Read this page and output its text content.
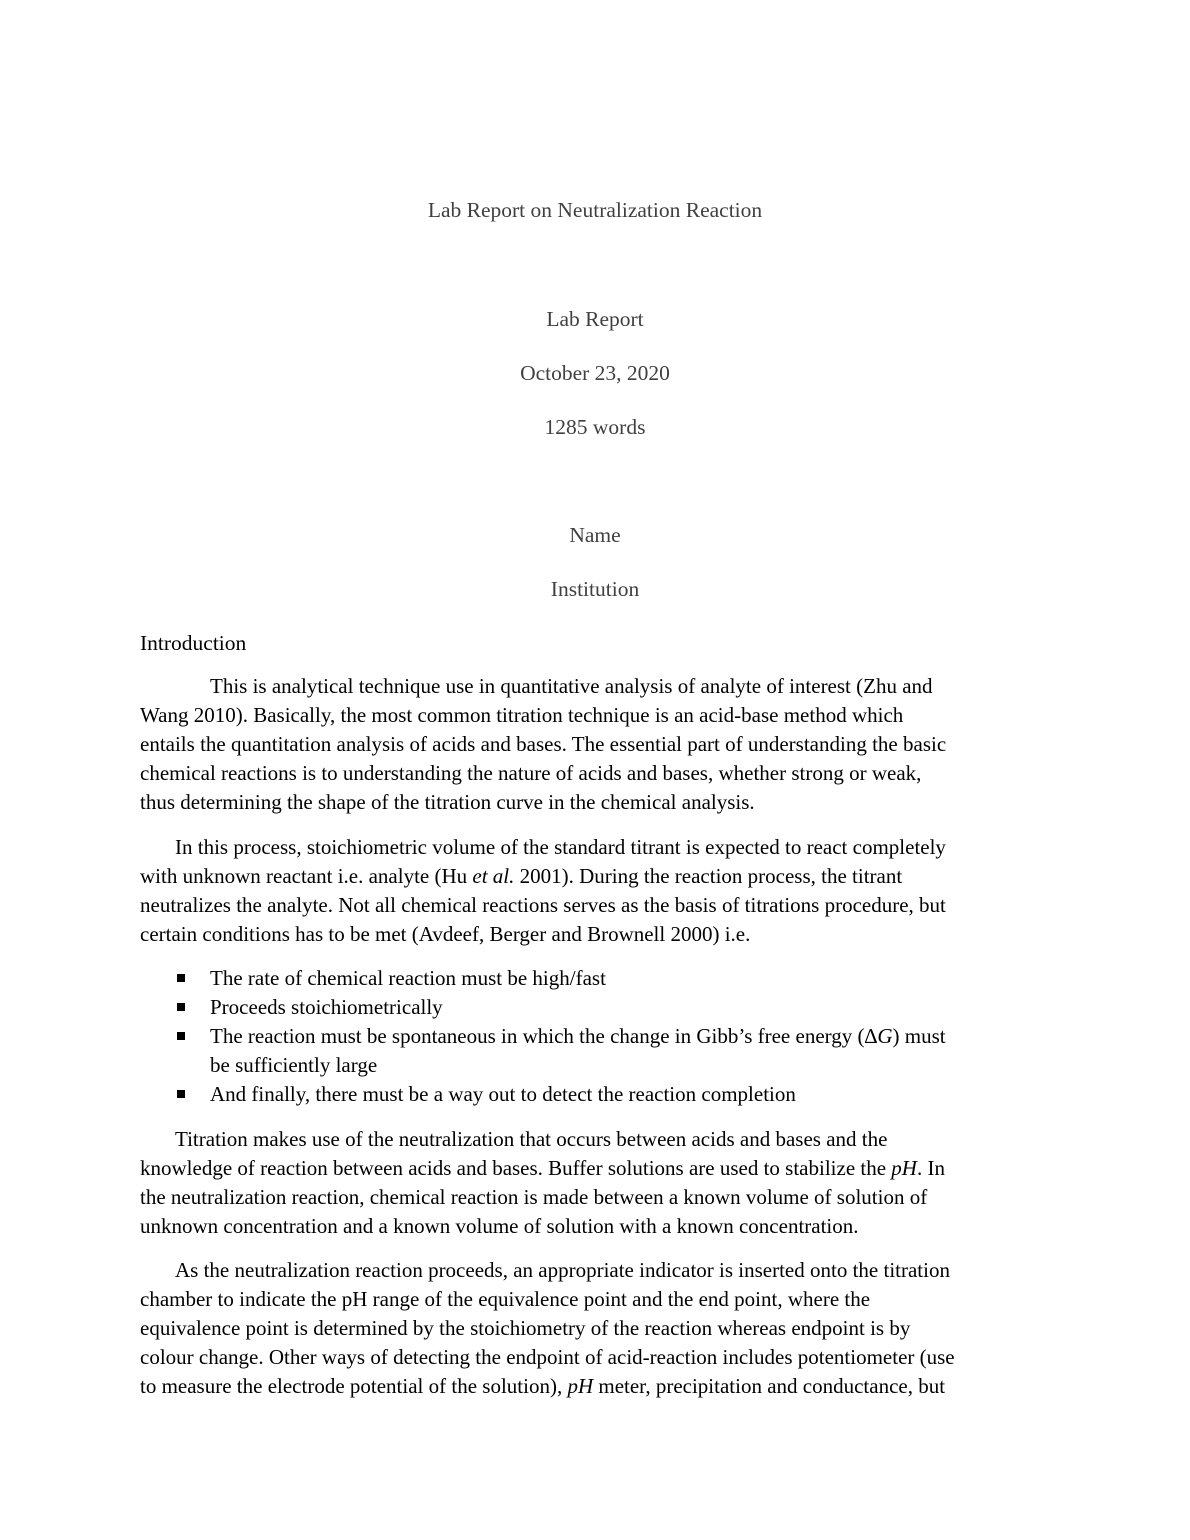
Lab Report on Neutralization Reaction

Lab Report

October 23, 2020

1285 words

Name

Institution

Introduction

This is analytical technique use in quantitative analysis of analyte of interest (Zhu and
Wang 2010). Basically, the most common titration technique is an acid-base method which
entails the quantitation analysis of acids and bases. The essential part of understanding the basic
chemical reactions is to understanding the nature of acids and bases, whether strong or weak,
thus determining the shape of the titration curve in the chemical analysis.
In this process, stoichiometric volume of the standard titrant is expected to react completely
with unknown reactant i.e. analyte (Hu et al. 2001). During the reaction process, the titrant
neutralizes the analyte. Not all chemical reactions serves as the basis of titrations procedure, but
certain conditions has to be met (Avdeef, Berger and Brownell 2000) i.e.
The rate of chemical reaction must be high/fast
Proceeds stoichiometrically
The reaction must be spontaneous in which the change in Gibb’s free energy (∆G) must
be sufficiently large
And finally, there must be a way out to detect the reaction completion
Titration makes use of the neutralization that occurs between acids and bases and the
knowledge of reaction between acids and bases. Buffer solutions are used to stabilize the pH. In
the neutralization reaction, chemical reaction is made between a known volume of solution of
unknown concentration and a known volume of solution with a known concentration.
As the neutralization reaction proceeds, an appropriate indicator is inserted onto the titration
chamber to indicate the pH range of the equivalence point and the end point, where the
equivalence point is determined by the stoichiometry of the reaction whereas endpoint is by
colour change. Other ways of detecting the endpoint of acid-reaction includes potentiometer (use
to measure the electrode potential of the solution), pH meter, precipitation and conductance, but
